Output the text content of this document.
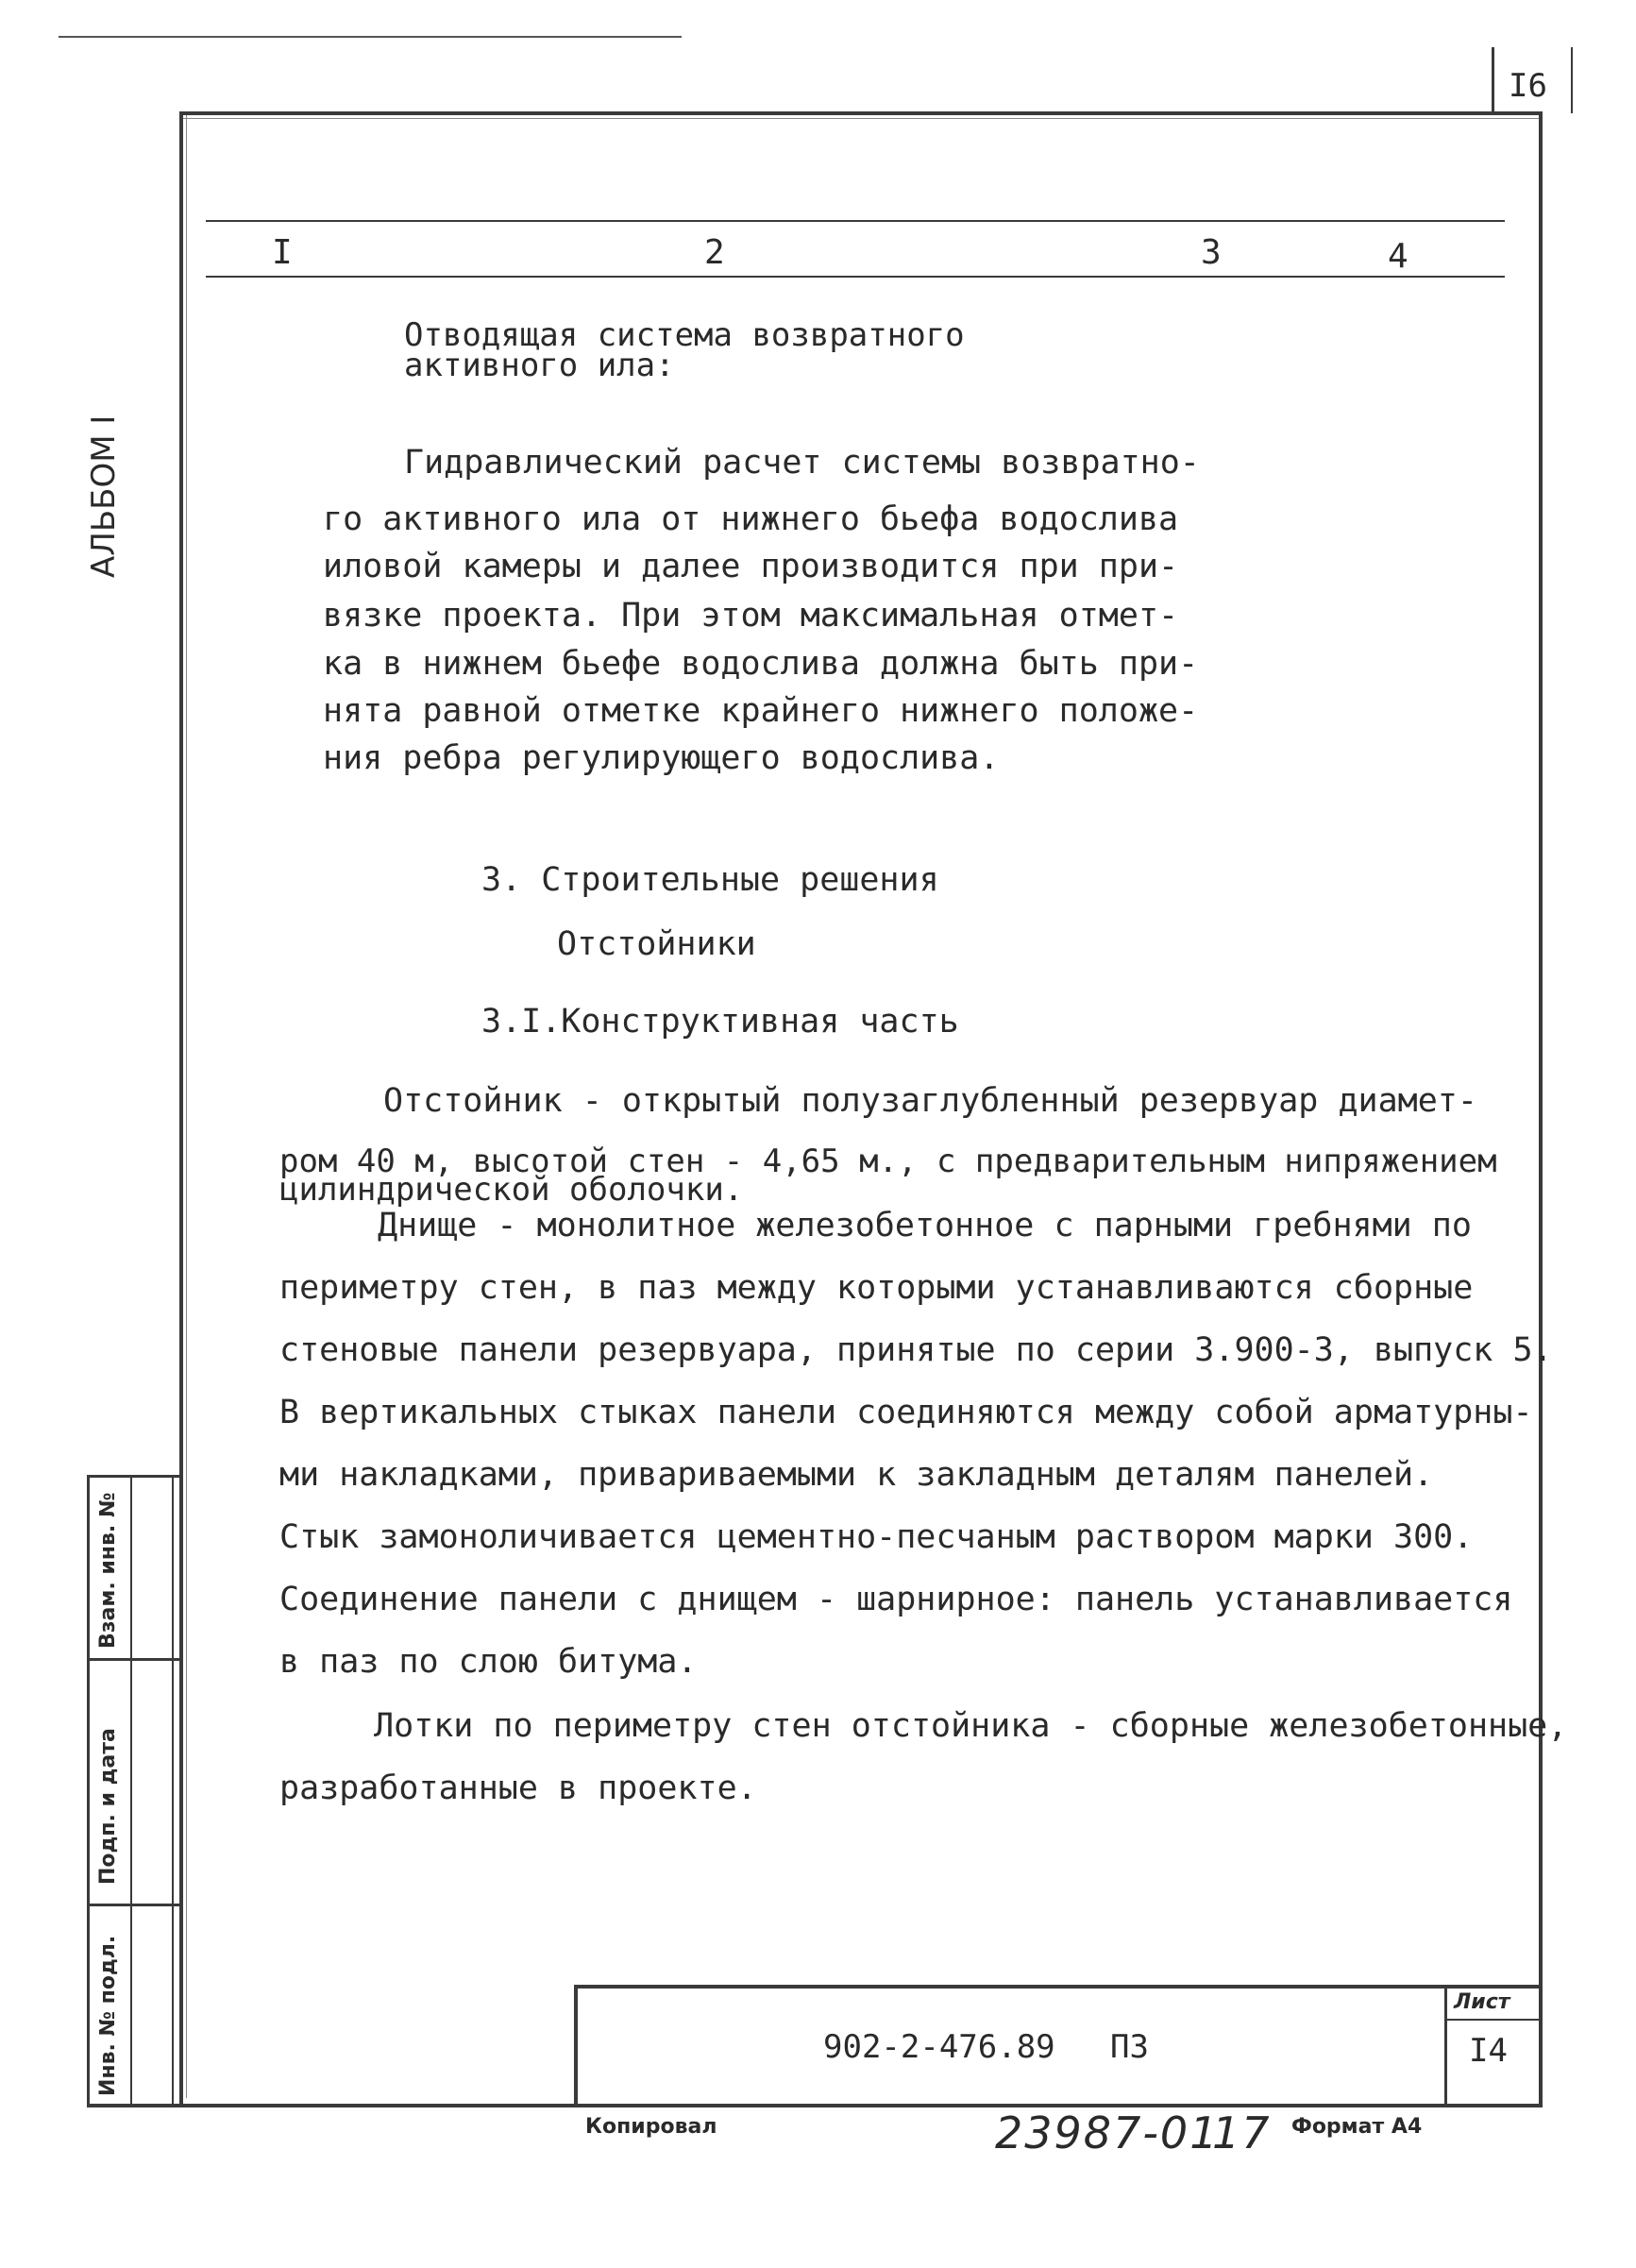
I6
I	2	3	4
АЛЬБОМ I
Отводящая система возвратного
активного ила:
Гидравлический расчет системы возвратно-
го активного ила от нижнего бьефа водослива
иловой камеры и далее производится при при-
вязке проекта. При этом максимальная отмет-
ка в нижнем бьефе водослива должна быть при-
нята равной отметке крайнего нижнего положе-
ния ребра регулирующего водослива.
3. Строительные решения
Отстойники
3.I.Конструктивная часть
Отстойник - открытый полузаглубленный резервуар диамет-
ром 40 м, высотой стен - 4,65 м., с предварительным нипряжением
цилиндрической оболочки.
Днище - монолитное железобетонное с парными гребнями по
периметру стен, в паз между которыми устанавливаются сборные
стеновые панели резервуара, принятые по серии 3.900-3, выпуск 5.
В вертикальных стыках панели соединяются между собой арматурны-
ми накладками, привариваемыми к закладным деталям панелей.
Стык замоноличивается цементно-песчаным раствором марки 300.
Соединение панели с днищем - шарнирное: панель устанавливается
в паз по слою битума.
Лотки по периметру стен отстойника - сборные железобетонные,
разработанные в проекте.
Взам. инв. №
Подп. и дата
Инв. № подл.	902-2-476.89 ПЗ
Лист
I4
Копировал	23987-01
17 Формат А4
